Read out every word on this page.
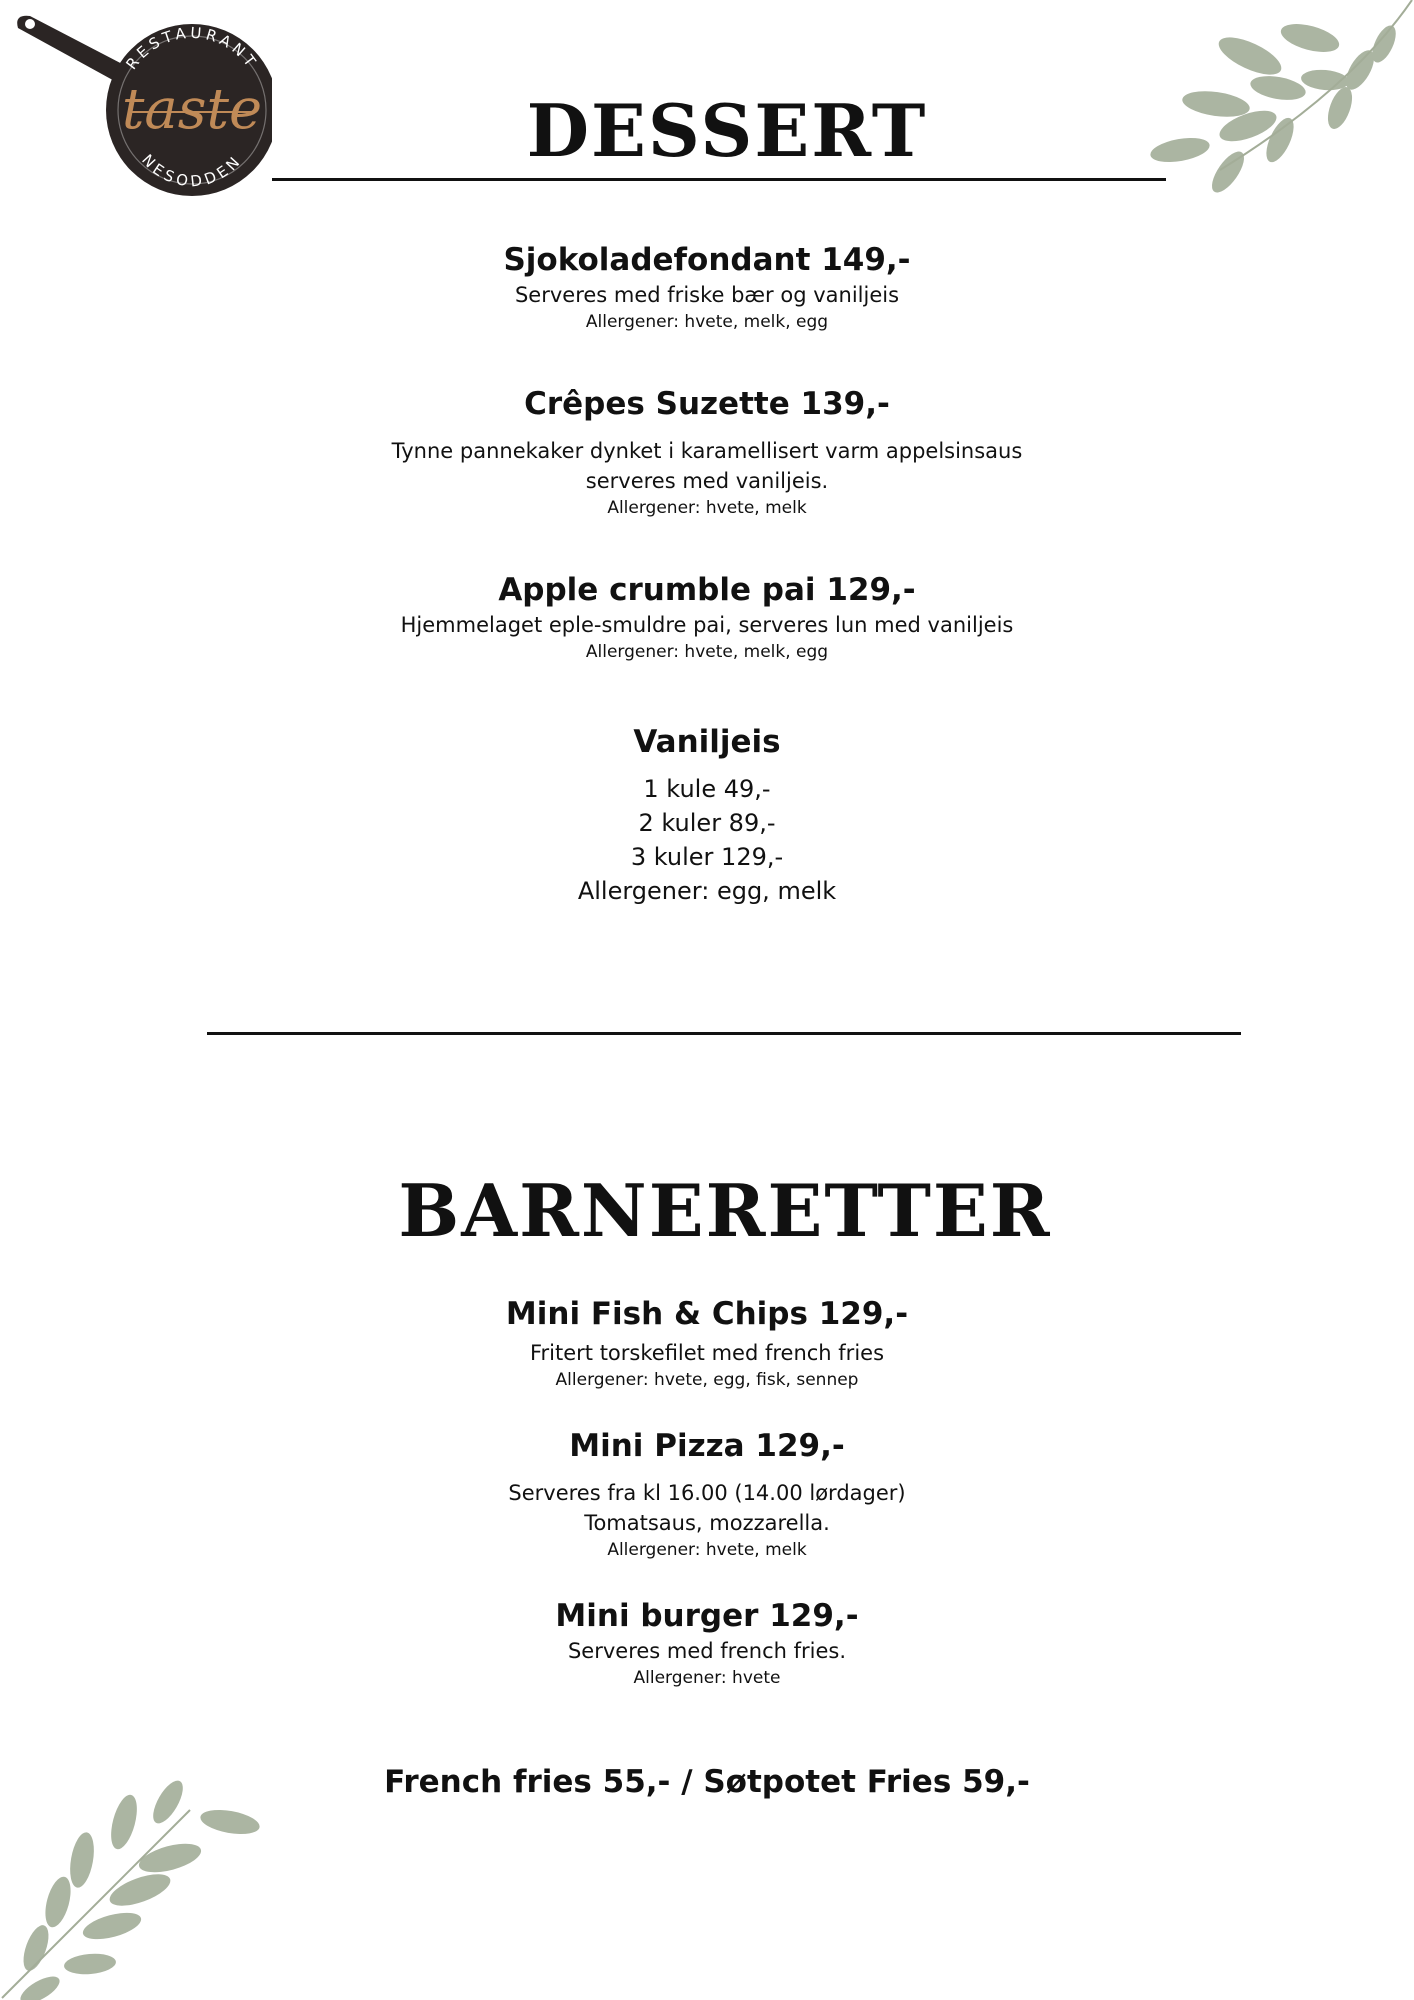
RESTAURANT
taste
NESODDEN	DESSERT
Sjokoladefondant 149,-
Serveres med friske bær og vaniljeis
Allergener: hvete, melk, egg
Crêpes Suzette 139,-
Tynne pannekaker dynket i karamellisert varm appelsinsaus
serveres med vaniljeis.
Allergener: hvete, melk
Apple crumble pai 129,-
Hjemmelaget eple-smuldre pai, serveres lun med vaniljeis
Allergener: hvete, melk, egg
Vaniljeis
1 kule 49,-
2 kuler 89,-
3 kuler 129,-
Allergener: egg, melk
BARNERETTER
Mini Fish & Chips 129,-
Fritert torskefilet med french fries
Allergener: hvete, egg, fisk, sennep
Mini Pizza 129,-
Serveres fra kl 16.00 (14.00 lørdager)
Tomatsaus, mozzarella.
Allergener: hvete, melk
Mini burger 129,-
Serveres med french fries.
Allergener: hvete
French fries 55,- / Søtpotet Fries 59,-
